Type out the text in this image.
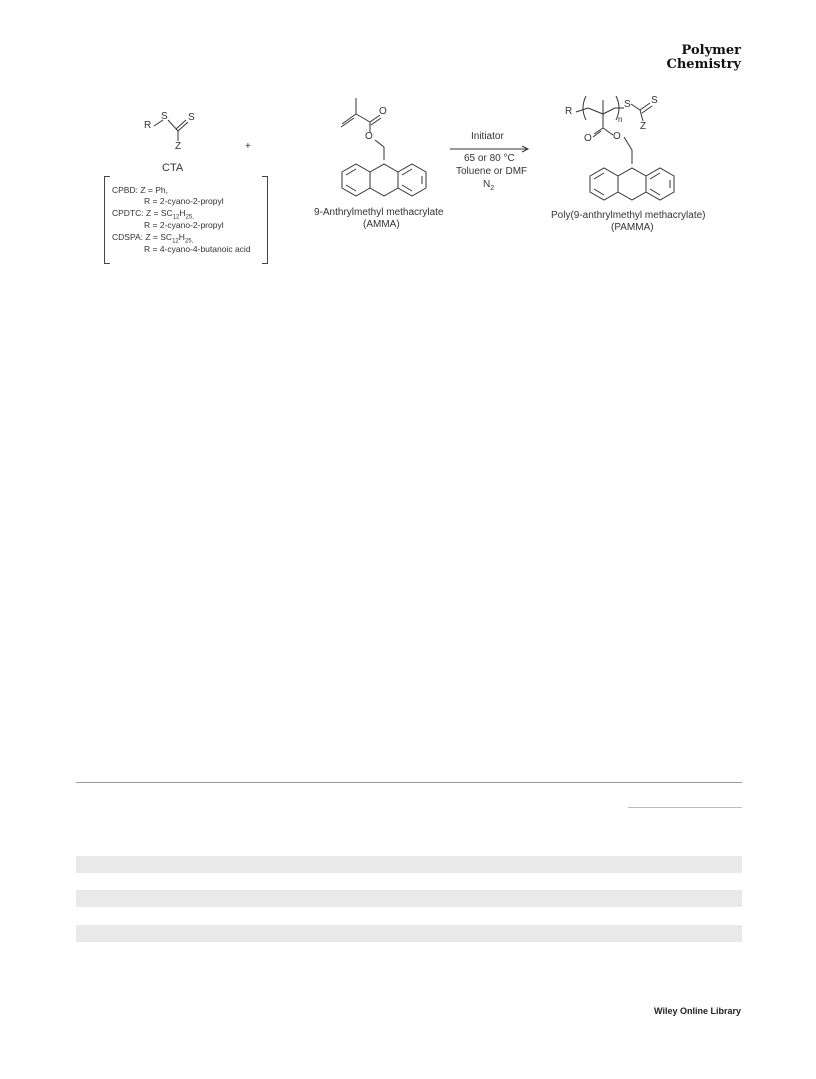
Polymer
Chemistry
R
S S
Z
CTA
+
CPBD: Z = Ph,
R = 2-cyano-2-propyl
CPDTC: $Z = SC_{12}H_{25,}$
R = 2-cyano-2-propyl
CDSPA: $Z = SC_{12}H_{25,}$
R = 4-cyano-4-butanoic acid
O
O
9-Anthrylmethyl methacrylate
(AMMA)
Initiator
65 or 80 °C
Toluene or DMF
$N_2$
R
S S
Z
n
O O
Poly(9-anthrylmethyl methacrylate)
(PAMMA)
Wiley Online Library
